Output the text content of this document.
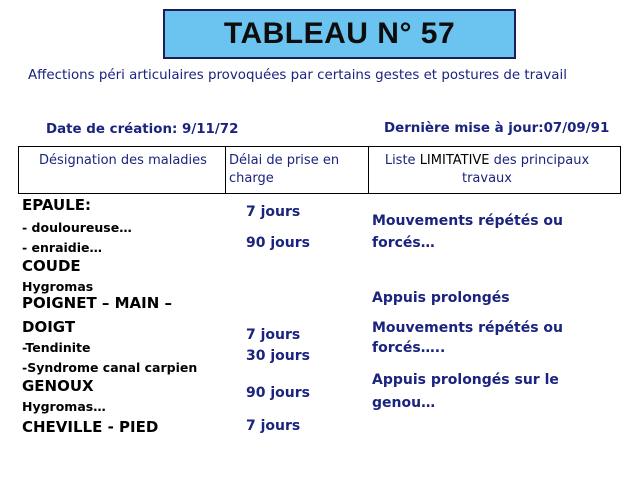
TABLEAU N° 57
Affections péri articulaires provoquées par certains gestes et postures de travail
Date de création: 9/11/72	Dernière mise à jour:07/09/91
Désignation des maladies	Délai de prise en charge
Liste LIMITATIVE des principaux travaux
EPAULE:
- douloureuse…
- enraidie…
COUDE
Hygromas
POIGNET – MAIN –
DOIGT
-Tendinite
-Syndrome canal carpien
GENOUX
Hygromas…
CHEVILLE - PIED
7 jours
90 jours
7 jours
30 jours
90 jours
7 jours
Mouvements répétés ou
forcés…
Appuis prolongés
Mouvements répétés ou
forcés…..
Appuis prolongés sur le
genou…
